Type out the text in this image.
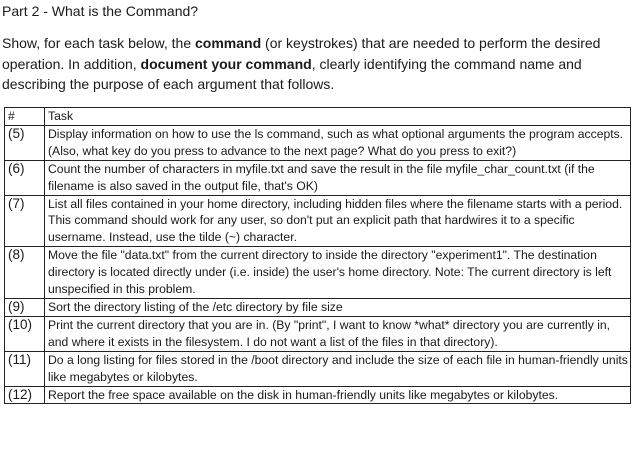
Part 2 - What is the Command?

Show, for each task below, the command (or keystrokes) that are needed to perform the desired operation. In addition, document your command, clearly identifying the command name and describing the purpose of each argument that follows.

#	Task
(5)	Display information on how to use the ls command, such as what optional arguments the program accepts. (Also, what key do you press to advance to the next page? What do you press to exit?)
(6)	Count the number of characters in myfile.txt and save the result in the file myfile_char_count.txt (if the filename is also saved in the output file, that's OK)
(7)	List all files contained in your home directory, including hidden files where the filename starts with a period. This command should work for any user, so don't put an explicit path that hardwires it to a specific username. Instead, use the tilde (~) character.
(8)	Move the file "data.txt" from the current directory to inside the directory "experiment1". The destination directory is located directly under (i.e. inside) the user's home directory. Note: The current directory is left unspecified in this problem.
(9)	Sort the directory listing of the /etc directory by file size
(10)	Print the current directory that you are in. (By "print", I want to know *what* directory you are currently in, and where it exists in the filesystem. I do not want a list of the files in that directory).
(11)	Do a long listing for files stored in the /boot directory and include the size of each file in human-friendly units like megabytes or kilobytes.
(12)	Report the free space available on the disk in human-friendly units like megabytes or kilobytes.
